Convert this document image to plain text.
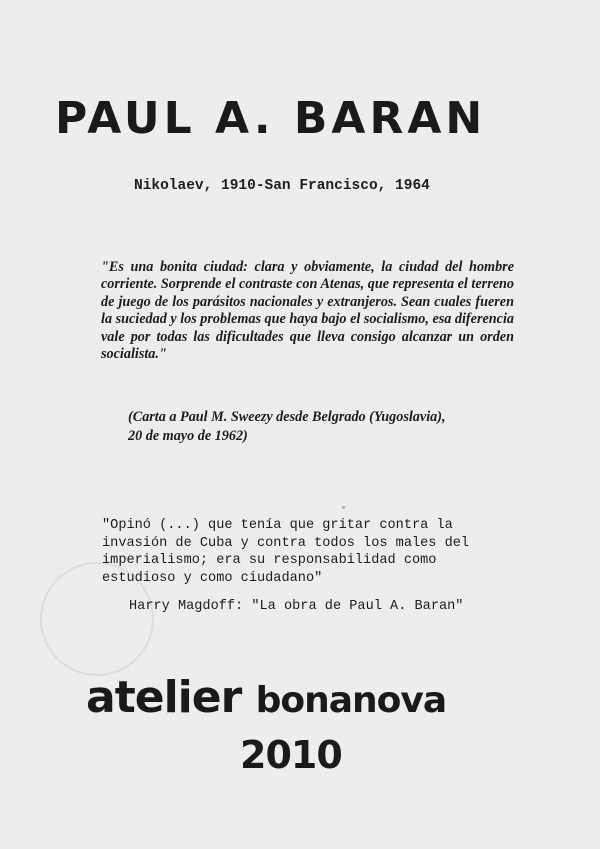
PAUL A. BARAN

Nikolaev, 1910-San Francisco, 1964

"Es una bonita ciudad: clara y obviamente, la ciudad del hombre corriente. Sorprende el contraste con Atenas, que representa el terreno de juego de los parásitos nacionales y extranjeros. Sean cuales fueren la suciedad y los problemas que haya bajo el socialismo, esa diferencia vale por todas las dificultades que lleva consigo alcanzar un orden socialista."

(Carta a Paul M. Sweezy desde Belgrado (Yugoslavia),
20 de mayo de 1962)

"Opinó (...) que tenía que gritar contra la
invasión de Cuba y contra todos los males del
imperialismo; era su responsabilidad como
estudioso y como ciudadano"

Harry Magdoff: "La obra de Paul A. Baran"

atelier bonanova

2010
